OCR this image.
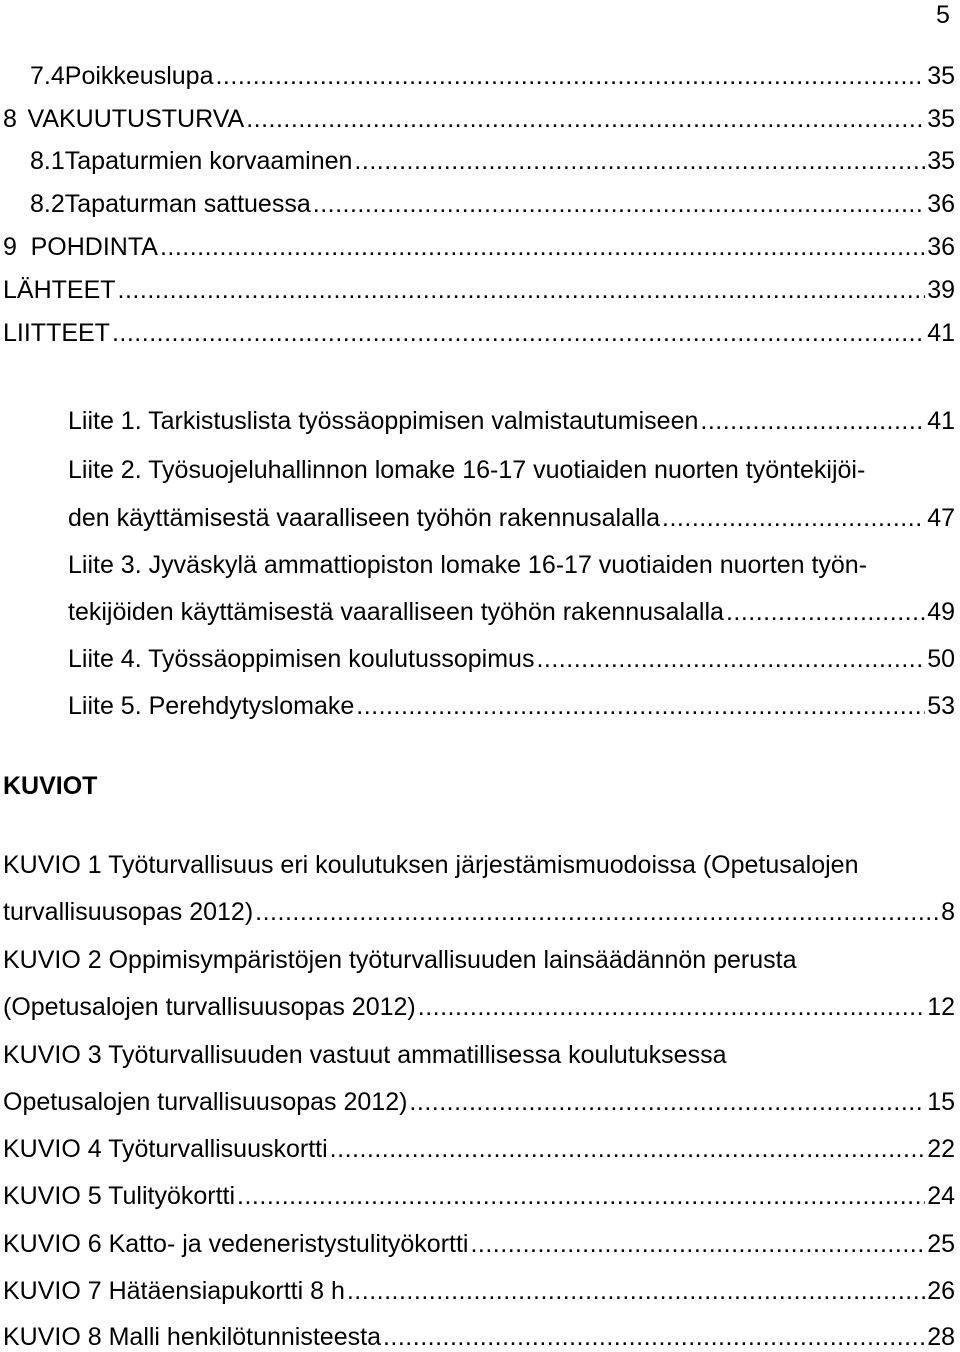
5
7.4 Poikkeuslupa .....	35
8 VAKUUTUSTURVA .....	35
8.1 Tapaturmien korvaaminen .....	35
8.2 Tapaturman sattuessa .....	36
9 POHDINTA .....	36
LÄHTEET .....	39
LIITTEET .....	41
Liite 1. Tarkistuslista työssäoppimisen valmistautumiseen .....	41
Liite 2. Työsuojeluhallinnon lomake 16-17 vuotiaiden nuorten työntekijöi-
den käyttämisestä vaaralliseen työhön rakennusalalla .....	47
Liite 3. Jyväskylä ammattiopiston lomake 16-17 vuotiaiden nuorten työn-
tekijöiden käyttämisestä vaaralliseen työhön rakennusalalla .....	49
Liite 4. Työssäoppimisen koulutussopimus .....	50
Liite 5. Perehdytyslomake .....	53
KUVIOT
KUVIO 1 Työturvallisuus eri koulutuksen järjestämismuodoissa (Opetusalojen
turvallisuusopas 2012) .....	8
KUVIO 2 Oppimisympäristöjen työturvallisuuden lainsäädännön perusta
(Opetusalojen turvallisuusopas 2012) .....	12
KUVIO 3 Työturvallisuuden vastuut ammatillisessa koulutuksessa
Opetusalojen turvallisuusopas 2012) .....	15
KUVIO 4 Työturvallisuuskortti .....	22
KUVIO 5 Tulityökortti .....	24
KUVIO 6 Katto- ja vedeneristystulityökortti .....	25
KUVIO 7 Hätäensiapukortti 8 h .....	26
KUVIO 8 Malli henkilötunnisteesta .....	28
